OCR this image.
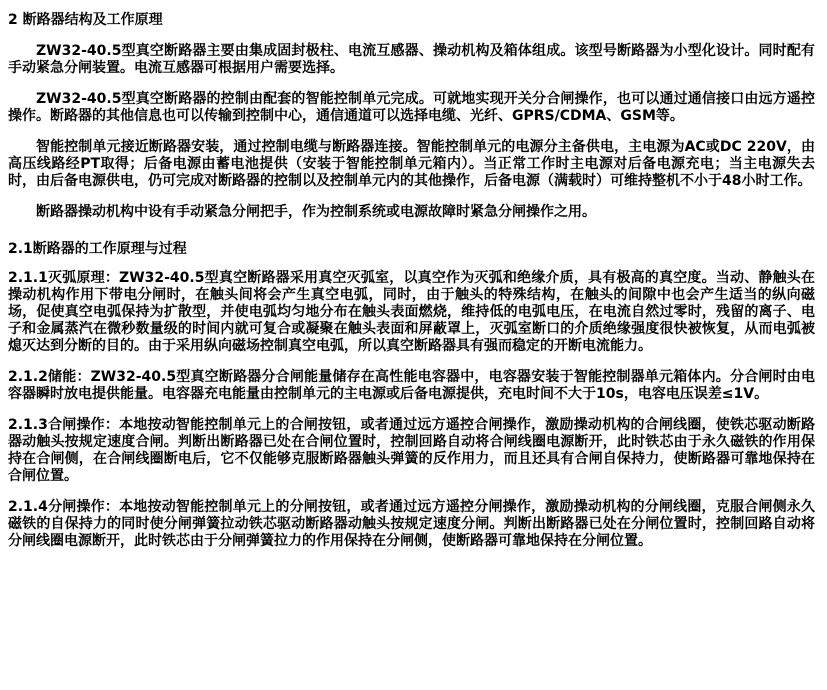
2 断路器结构及工作原理

ZW32-40.5型真空断路器主要由集成固封极柱、电流互感器、操动机构及箱体组成。该型号断路器为小型化设计。同时配有手动紧急分闸装置。电流互感器可根据用户需要选择。

ZW32-40.5型真空断路器的控制由配套的智能控制单元完成。可就地实现开关分合闸操作，也可以通过通信接口由远方遥控操作。断路器的其他信息也可以传输到控制中心，通信通道可以选择电缆、光纤、GPRS/CDMA、GSM等。

智能控制单元接近断路器安装，通过控制电缆与断路器连接。智能控制单元的电源分主备供电，主电源为AC或DC 220V，由高压线路经PT取得；后备电源由蓄电池提供（安装于智能控制单元箱内）。当正常工作时主电源对后备电源充电；当主电源失去时，由后备电源供电，仍可完成对断路器的控制以及控制单元内的其他操作，后备电源（满载时）可维持整机不小于48小时工作。

断路器操动机构中设有手动紧急分闸把手，作为控制系统或电源故障时紧急分闸操作之用。

2.1断路器的工作原理与过程

2.1.1灭弧原理：ZW32-40.5型真空断路器采用真空灭弧室，以真空作为灭弧和绝缘介质，具有极高的真空度。当动、静触头在操动机构作用下带电分闸时，在触头间将会产生真空电弧，同时，由于触头的特殊结构，在触头的间隙中也会产生适当的纵向磁场，促使真空电弧保持为扩散型，并使电弧均匀地分布在触头表面燃烧，维持低的电弧电压，在电流自然过零时，残留的离子、电子和金属蒸汽在微秒数量级的时间内就可复合或凝聚在触头表面和屏蔽罩上，灭弧室断口的介质绝缘强度很快被恢复，从而电弧被熄灭达到分断的目的。由于采用纵向磁场控制真空电弧，所以真空断路器具有强而稳定的开断电流能力。

2.1.2储能：ZW32-40.5型真空断路器分合闸能量储存在高性能电容器中，电容器安装于智能控制器单元箱体内。分合闸时由电容器瞬时放电提供能量。电容器充电能量由控制单元的主电源或后备电源提供，充电时间不大于10s，电容电压误差≤1V。

2.1.3合闸操作：本地按动智能控制单元上的合闸按钮，或者通过远方遥控合闸操作，激励操动机构的合闸线圈，使铁芯驱动断路器动触头按规定速度合闸。判断出断路器已处在合闸位置时，控制回路自动将合闸线圈电源断开，此时铁芯由于永久磁铁的作用保持在合闸侧，在合闸线圈断电后，它不仅能够克服断路器触头弹簧的反作用力，而且还具有合闸自保持力，使断路器可靠地保持在合闸位置。

2.1.4分闸操作：本地按动智能控制单元上的分闸按钮，或者通过远方遥控分闸操作，激励操动机构的分闸线圈，克服合闸侧永久磁铁的自保持力的同时使分闸弹簧拉动铁芯驱动断路器动触头按规定速度分闸。判断出断路器已处在分闸位置时，控制回路自动将分闸线圈电源断开，此时铁芯由于分闸弹簧拉力的作用保持在分闸侧，使断路器可靠地保持在分闸位置。
